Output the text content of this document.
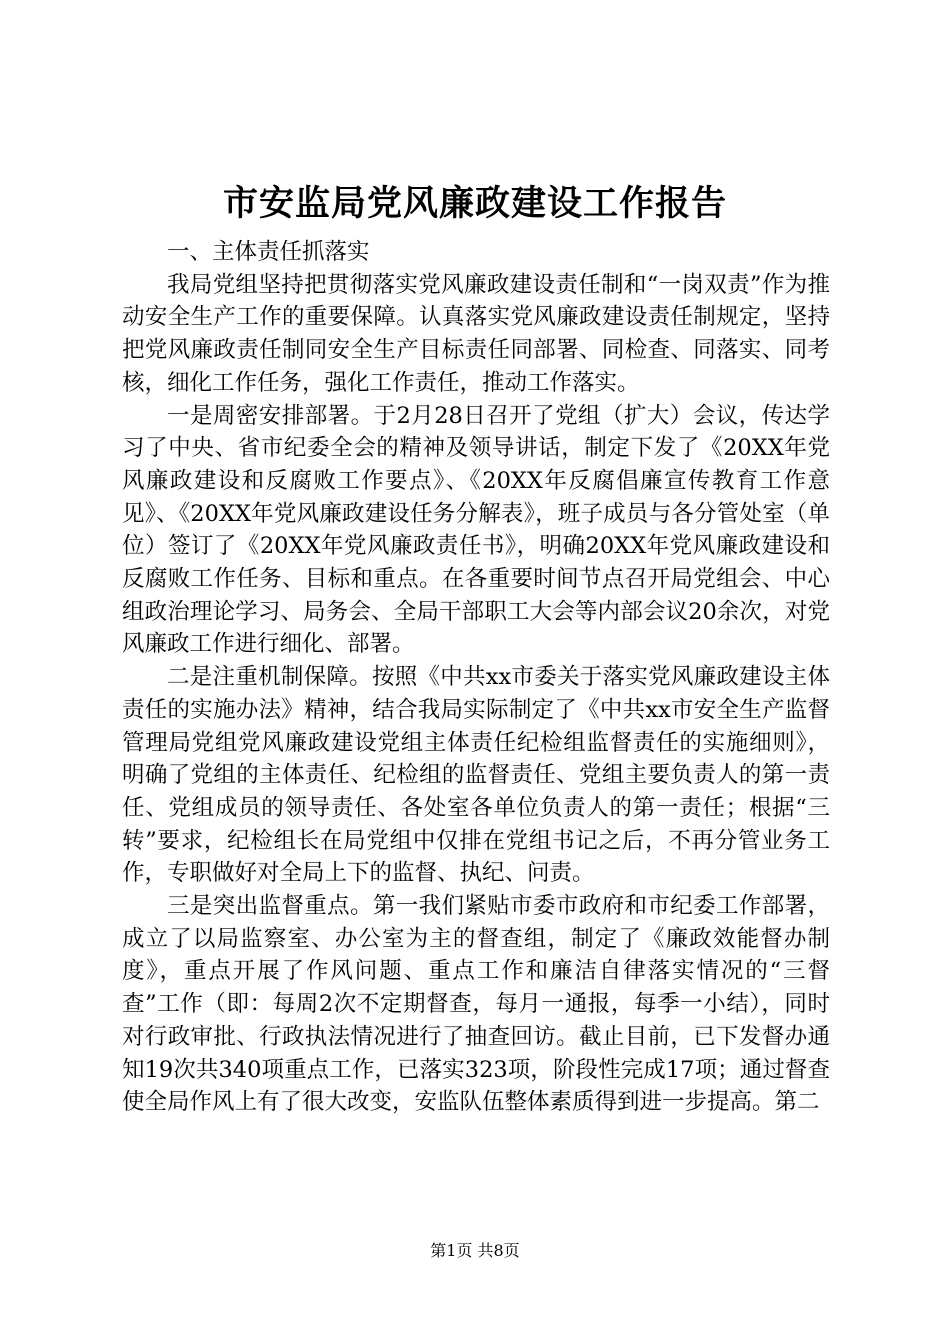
市安监局党风廉政建设工作报告

一、主体责任抓落实

我局党组坚持把贯彻落实党风廉政建设责任制和“一岗双责”作为推动安全生产工作的重要保障。认真落实党风廉政建设责任制规定，坚持把党风廉政责任制同安全生产目标责任同部署、同检查、同落实、同考核，细化工作任务，强化工作责任，推动工作落实。

一是周密安排部署。于2月28日召开了党组（扩大）会议，传达学习了中央、省市纪委全会的精神及领导讲话，制定下发了《20XX年党风廉政建设和反腐败工作要点》、《20XX年反腐倡廉宣传教育工作意见》、《20XX年党风廉政建设任务分解表》，班子成员与各分管处室（单位）签订了《20XX年党风廉政责任书》，明确20XX年党风廉政建设和反腐败工作任务、目标和重点。在各重要时间节点召开局党组会、中心组政治理论学习、局务会、全局干部职工大会等内部会议20余次，对党风廉政工作进行细化、部署。

二是注重机制保障。按照《中共xx市委关于落实党风廉政建设主体责任的实施办法》精神，结合我局实际制定了《中共xx市安全生产监督管理局党组党风廉政建设党组主体责任纪检组监督责任的实施细则》，明确了党组的主体责任、纪检组的监督责任、党组主要负责人的第一责任、党组成员的领导责任、各处室各单位负责人的第一责任；根据“三转”要求，纪检组长在局党组中仅排在党组书记之后，不再分管业务工作，专职做好对全局上下的监督、执纪、问责。

三是突出监督重点。第一我们紧贴市委市政府和市纪委工作部署，成立了以局监察室、办公室为主的督查组，制定了《廉政效能督办制度》，重点开展了作风问题、重点工作和廉洁自律落实情况的“三督查”工作（即：每周2次不定期督查，每月一通报，每季一小结），同时对行政审批、行政执法情况进行了抽查回访。截止目前，已下发督办通知19次共340项重点工作，已落实323项，阶段性完成17项；通过督查使全局作风上有了很大改变，安监队伍整体素质得到进一步提高。第二

第1页 共8页
